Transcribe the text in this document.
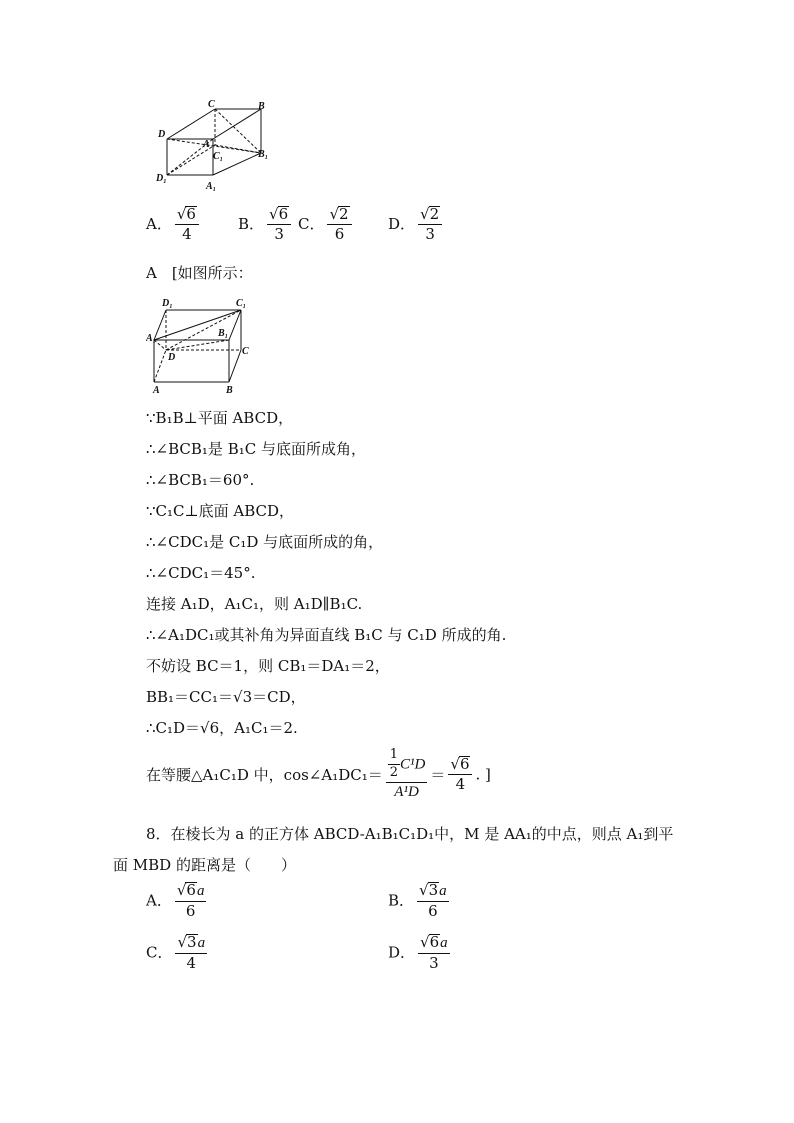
C	B
D
A
C₁	B₁
D₁
A₁
A． $\frac{√6}{4}$	B． $\frac{√6}{3}$ C． $\frac{√2}{6}$ D． $\frac{√2}{3}$
A　[如图所示：
D₁	C₁
A₁	B₁
D
C
A	B
∵B₁B⊥平面 ABCD，
∴∠BCB₁是 B₁C 与底面所成角，
∴∠BCB₁＝60°.
∵C₁C⊥底面 ABCD，
∴∠CDC₁是 C₁D 与底面所成的角，
∴∠CDC₁＝45°.
连接 A₁D，A₁C₁，则 A₁D∥B₁C.
∴∠A₁DC₁或其补角为异面直线 B₁C 与 C₁D 所成的角.
不妨设 BC＝1，则 CB₁＝DA₁＝2，
BB₁＝CC₁＝√3＝CD，
∴C₁D＝√6，A₁C₁＝2.
在等腰△A₁C₁D 中，cos∠A₁DC₁＝ $\frac{\frac{1}{2} C^1D}{\text{A¹D}} = \frac{√6}{4}$ . ]
8．在棱长为 a 的正方体 ABCD-A₁B₁C₁D₁中，M 是 AA₁的中点，则点 A₁到平
面 MBD 的距离是（　　）
A． $\frac{√6a}{6}$	B． $\frac{√3a}{6}$
C． $\frac{√3a}{4}$	D． $\frac{√6a}{3}$
